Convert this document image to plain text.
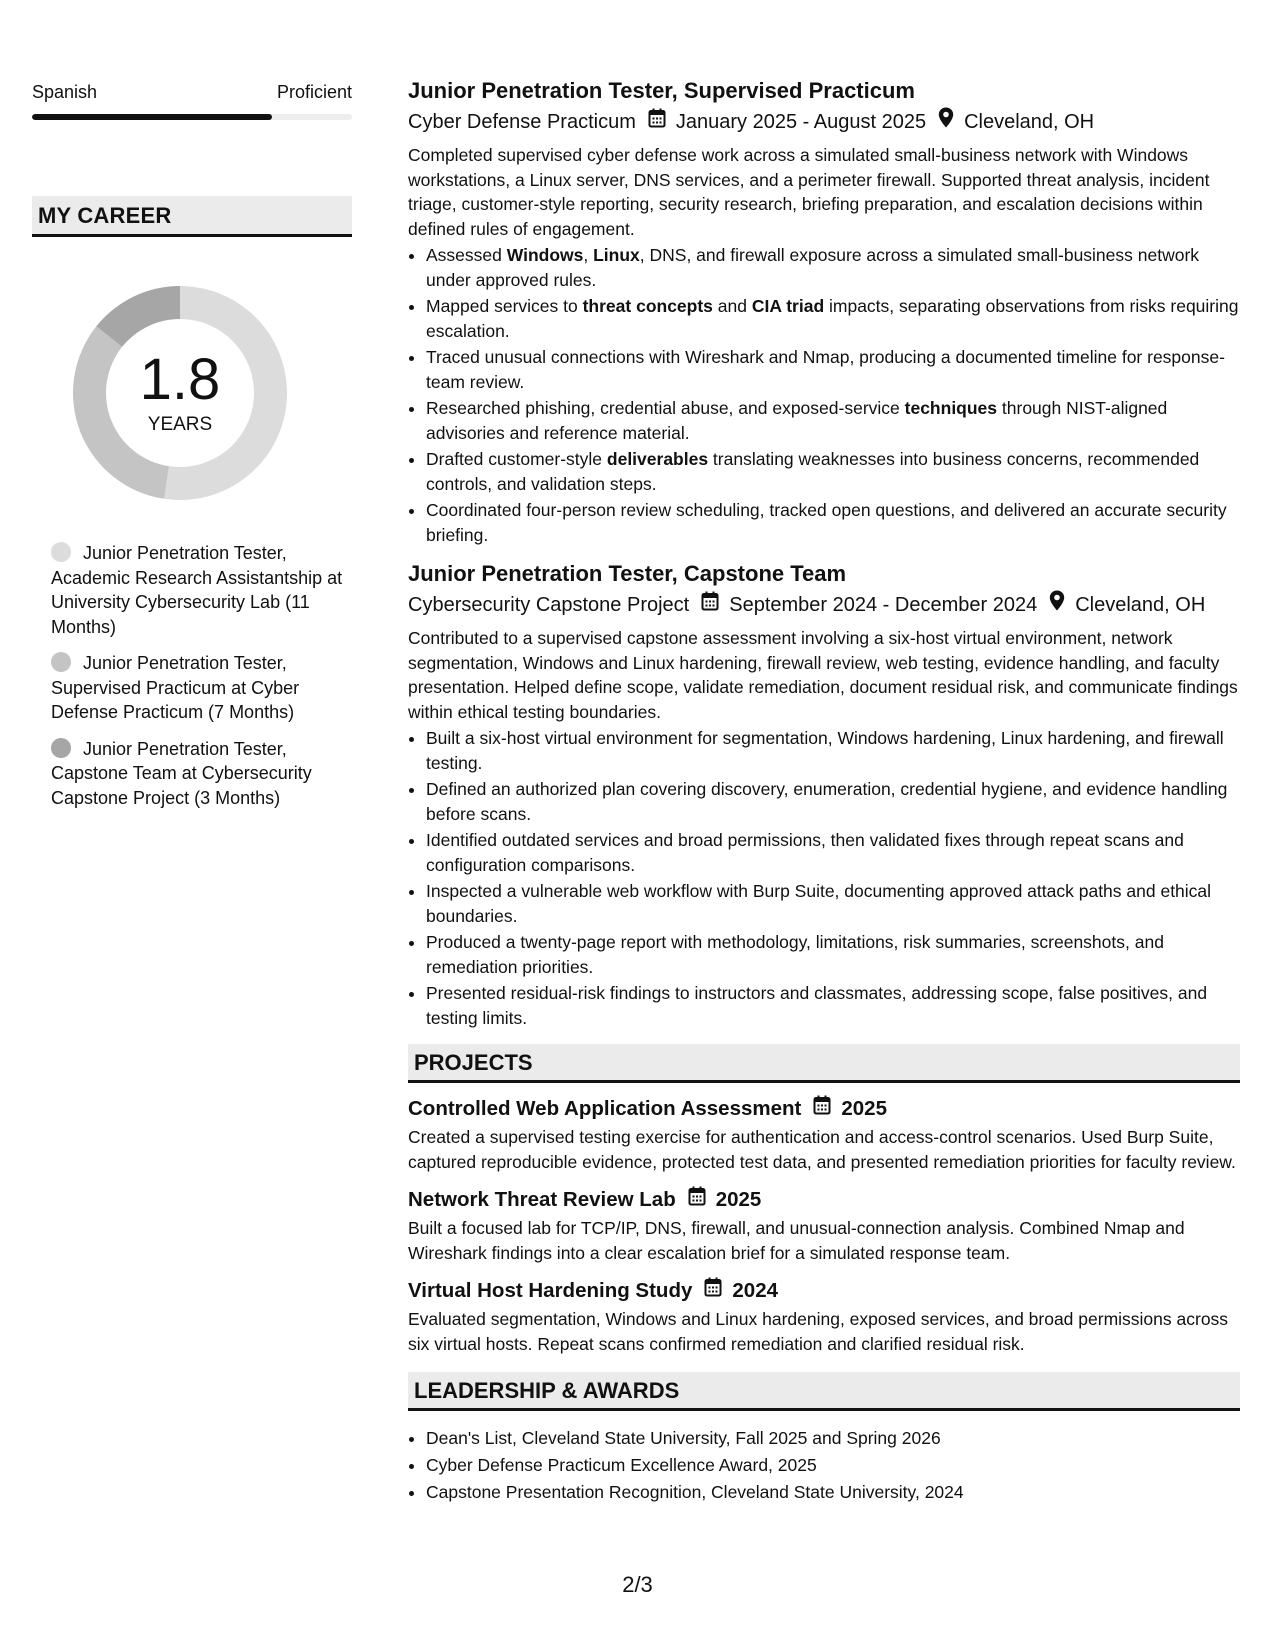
Spanish	Proficient
MY CAREER
1.8
YEARS
Junior Penetration Tester, Academic Research Assistantship at University Cybersecurity Lab (11 Months)
Junior Penetration Tester, Supervised Practicum at Cyber Defense Practicum (7 Months)
Junior Penetration Tester, Capstone Team at Cybersecurity Capstone Project (3 Months)
Junior Penetration Tester, Supervised Practicum
Cyber Defense Practicum January 2025 - August 2025 Cleveland, OH
Completed supervised cyber defense work across a simulated small-business network with Windows workstations, a Linux server, DNS services, and a perimeter firewall. Supported threat analysis, incident triage, customer-style reporting, security research, briefing preparation, and escalation decisions within defined rules of engagement.
• Assessed Windows, Linux, DNS, and firewall exposure across a simulated small-business network under approved rules.
• Mapped services to threat concepts and CIA triad impacts, separating observations from risks requiring escalation.
• Traced unusual connections with Wireshark and Nmap, producing a documented timeline for response-team review.
• Researched phishing, credential abuse, and exposed-service techniques through NIST-aligned advisories and reference material.
• Drafted customer-style deliverables translating weaknesses into business concerns, recommended controls, and validation steps.
• Coordinated four-person review scheduling, tracked open questions, and delivered an accurate security briefing.
Junior Penetration Tester, Capstone Team
Cybersecurity Capstone Project September 2024 - December 2024 Cleveland, OH
Contributed to a supervised capstone assessment involving a six-host virtual environment, network segmentation, Windows and Linux hardening, firewall review, web testing, evidence handling, and faculty presentation. Helped define scope, validate remediation, document residual risk, and communicate findings within ethical testing boundaries.
• Built a six-host virtual environment for segmentation, Windows hardening, Linux hardening, and firewall testing.
• Defined an authorized plan covering discovery, enumeration, credential hygiene, and evidence handling before scans.
• Identified outdated services and broad permissions, then validated fixes through repeat scans and configuration comparisons.
• Inspected a vulnerable web workflow with Burp Suite, documenting approved attack paths and ethical boundaries.
• Produced a twenty-page report with methodology, limitations, risk summaries, screenshots, and remediation priorities.
• Presented residual-risk findings to instructors and classmates, addressing scope, false positives, and testing limits.
PROJECTS
Controlled Web Application Assessment 2025
Created a supervised testing exercise for authentication and access-control scenarios. Used Burp Suite, captured reproducible evidence, protected test data, and presented remediation priorities for faculty review.
Network Threat Review Lab 2025
Built a focused lab for TCP/IP, DNS, firewall, and unusual-connection analysis. Combined Nmap and Wireshark findings into a clear escalation brief for a simulated response team.
Virtual Host Hardening Study 2024
Evaluated segmentation, Windows and Linux hardening, exposed services, and broad permissions across six virtual hosts. Repeat scans confirmed remediation and clarified residual risk.
LEADERSHIP & AWARDS
• Dean's List, Cleveland State University, Fall 2025 and Spring 2026
• Cyber Defense Practicum Excellence Award, 2025
• Capstone Presentation Recognition, Cleveland State University, 2024
2/3
